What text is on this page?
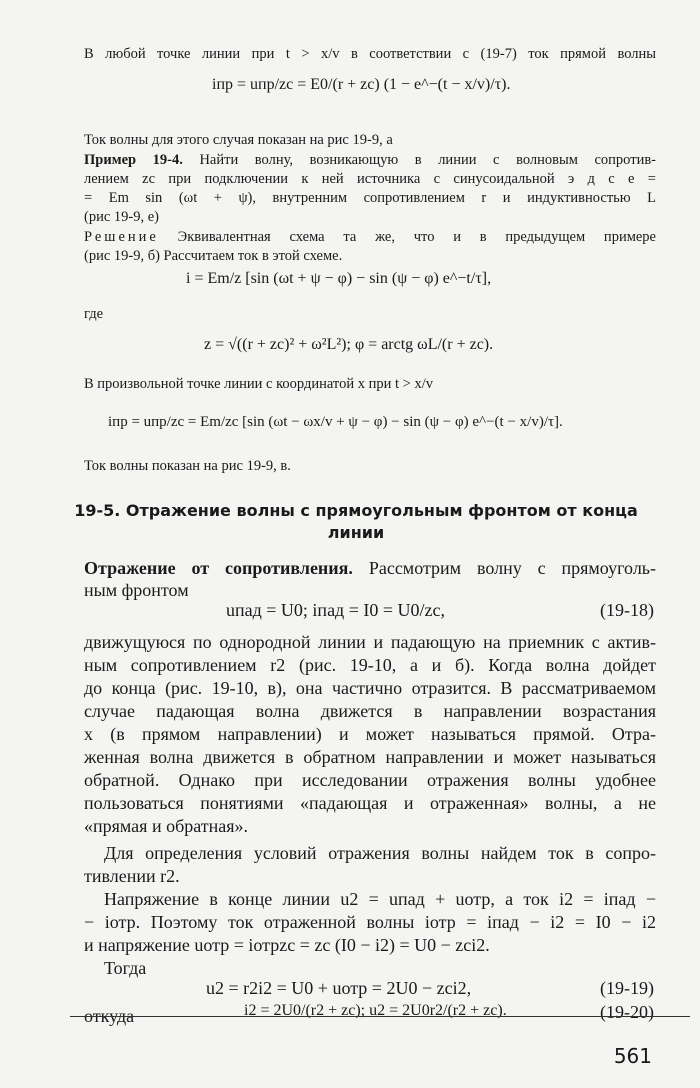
В любой точке линии при t > x/v в соответствии с (19-7) ток прямой волны
iпр = uпр/zc = E0/(r + zc) (1 − e^−(t − x/v)/τ).
Ток волны для этого случая показан на рис 19-9, а
Пример 19-4. Найти волну, возникающую в линии с волновым сопротив-
лением zc при подключении к ней источника с синусоидальной э д с e =
= Em sin (ωt + ψ), внутренним сопротивлением r и индуктивностью L
(рис 19-9, е)
Решение Эквивалентная схема та же, что и в предыдущем примере
(рис 19-9, б) Рассчитаем ток в этой схеме.
i = Em/z [sin (ωt + ψ − φ) − sin (ψ − φ) e^−t/τ],
где
z = √((r + zc)² + ω²L²); φ = arctg ωL/(r + zc).
В произвольной точке линии с координатой x при t > x/v
iпр = uпр/zc = Em/zc [sin (ωt − ωx/v + ψ − φ) − sin (ψ − φ) e^−(t − x/v)/τ].
Ток волны показан на рис 19-9, в.
19-5. Отражение волны с прямоугольным фронтом от конца
линии
Отражение от сопротивления. Рассмотрим волну с прямоуголь-
ным фронтом
uпад = U0; iпад = I0 = U0/zc,	(19-18)
движущуюся по однородной линии и падающую на приемник с актив-
ным сопротивлением r2 (рис. 19-10, а и б). Когда волна дойдет
до конца (рис. 19-10, в), она частично отразится. В рассматриваемом
случае падающая волна движется в направлении возрастания
x (в прямом направлении) и может называться прямой. Отра-
женная волна движется в обратном направлении и может называться
обратной. Однако при исследовании отражения волны удобнее
пользоваться понятиями «падающая и отраженная» волны, а не
«прямая и обратная».
Для определения условий отражения волны найдем ток в сопро-
тивлении r2.
Напряжение в конце линии u2 = uпад + uотр, а ток i2 = iпад −
− iотр. Поэтому ток отраженной волны iотр = iпад − i2 = I0 − i2
и напряжение uотр = iотрzc = zc (I0 − i2) = U0 − zci2.
Тогда
u2 = r2i2 = U0 + uотр = 2U0 − zci2,	(19-19)
откуда	i2 = 2U0/(r2 + zc); u2 = 2U0r2/(r2 + zc).	(19-20)
561
